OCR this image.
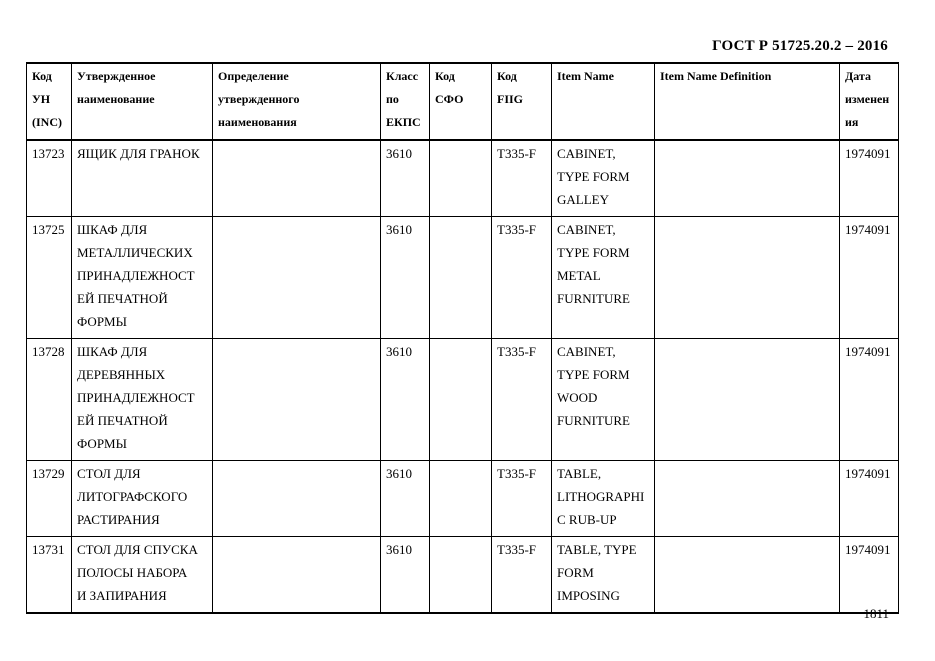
ГОСТ Р 51725.20.2 – 2016
Код
УН
(INC)	Утвержденное
наименование	Определение
утвержденного
наименования	Класс
по
ЕКПС	Код
СФО	Код
FIIG	Item Name	Item Name Definition	Дата
изменен
ия

13723	ЯЩИК ДЛЯ ГРАНОК		3610		T335-F	CABINET,
TYPE FORM
GALLEY		1974091
13725	ШКАФ ДЛЯ
МЕТАЛЛИЧЕСКИХ
ПРИНАДЛЕЖНОСТ
ЕЙ ПЕЧАТНОЙ
ФОРМЫ		3610		T335-F	CABINET,
TYPE FORM
METAL
FURNITURE		1974091
13728	ШКАФ ДЛЯ
ДЕРЕВЯННЫХ
ПРИНАДЛЕЖНОСТ
ЕЙ ПЕЧАТНОЙ
ФОРМЫ		3610		T335-F	CABINET,
TYPE FORM
WOOD
FURNITURE		1974091
13729	СТОЛ ДЛЯ
ЛИТОГРАФСКОГО
РАСТИРАНИЯ		3610		T335-F	TABLE,
LITHOGRAPHI
C RUB-UP		1974091
13731	СТОЛ ДЛЯ СПУСКА
ПОЛОСЫ НАБОРА
И ЗАПИРАНИЯ		3610		T335-F	TABLE, TYPE
FORM
IMPOSING		1974091
1811
